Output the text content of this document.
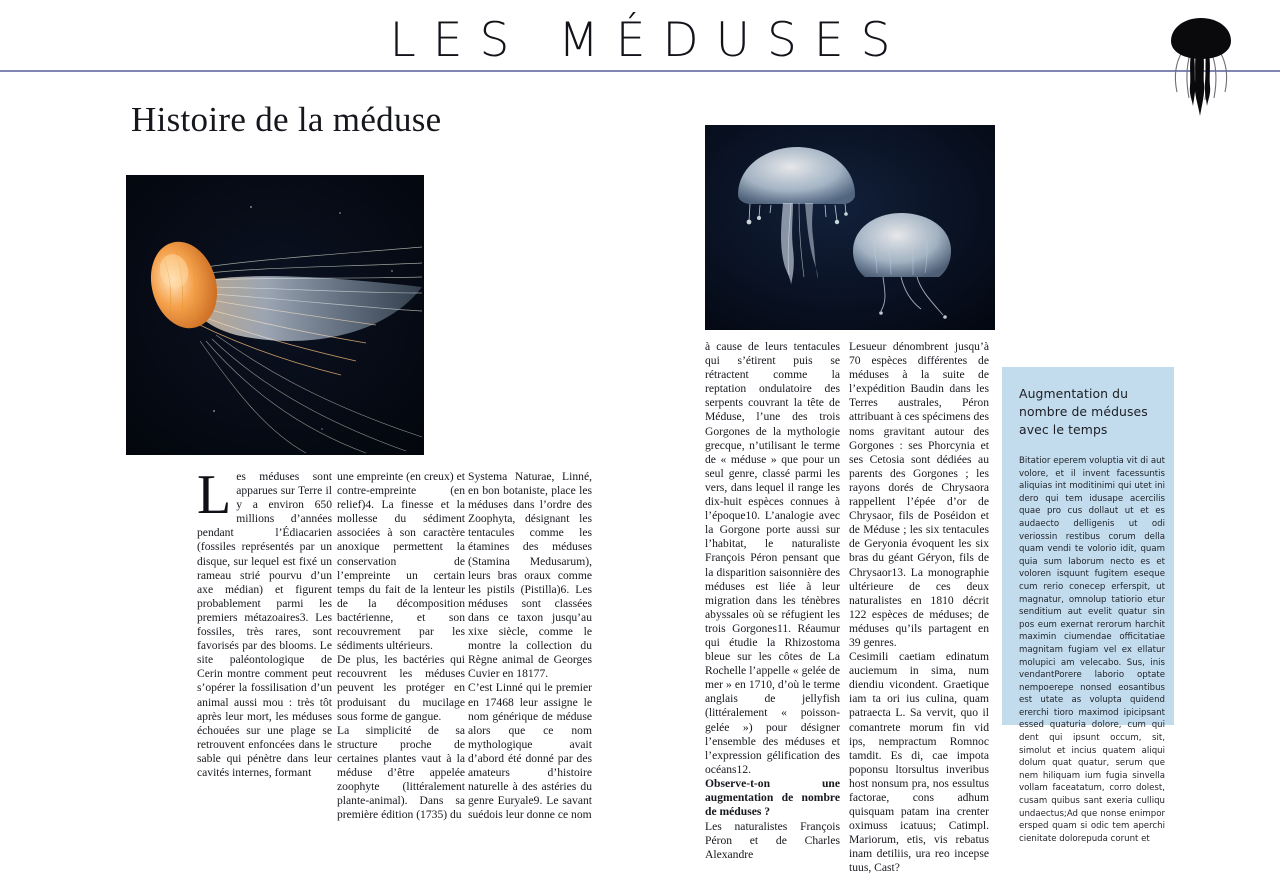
LES MÉDUSES
Histoire de la méduse
L es méduses sont apparues sur Terre il y a environ 650 millions d’années pendant l’Édiacarien (fossiles représentés par un disque, sur lequel est fixé un rameau strié pourvu d’un axe médian) et figurent probablement parmi les premiers métazoaires3. Les fossiles, très rares, sont favorisés par des blooms. Le site paléontologique de Cerin montre comment peut s’opérer la fossilisation d’un animal aussi mou : très tôt après leur mort, les méduses échouées sur une plage se retrouvent enfoncées dans le sable qui pénètre dans leur cavités internes, formant

une empreinte (en creux) et contre-empreinte (en relief)4. La finesse et la mollesse du sédiment associées à son caractère anoxique permettent la conservation de l’empreinte un certain temps du fait de la lenteur de la décomposition bactérienne, et son recouvrement par les sédiments ultérieurs.

De plus, les bactéries qui recouvrent les méduses peuvent les protéger en produisant du mucilage sous forme de gangue.

La simplicité de sa structure proche de certaines plantes vaut à la méduse d’être appelée zoophyte (littéralement plante-animal). Dans sa première édition (1735) du

Systema Naturae, Linné, en bon botaniste, place les méduses dans l’ordre des Zoophyta, désignant les tentacules comme les étamines des méduses (Stamina Medusarum), leurs bras oraux comme les pistils (Pistilla)6. Les méduses sont classées dans ce taxon jusqu’au xixe siècle, comme le montre la collection du Règne animal de Georges Cuvier en 18177.

C’est Linné qui le premier en 17468 leur assigne le nom générique de méduse alors que ce nom mythologique avait d’abord été donné par des amateurs d’histoire naturelle à des astéries du genre Euryale9. Le savant suédois leur donne ce nom

à cause de leurs tentacules qui s’étirent puis se rétractent comme la reptation ondulatoire des serpents couvrant la tête de Méduse, l’une des trois Gorgones de la mythologie grecque, n’utilisant le terme de « méduse » que pour un seul genre, classé parmi les vers, dans lequel il range les dix-huit espèces connues à l’époque10. L’analogie avec la Gorgone porte aussi sur l’habitat, le naturaliste François Péron pensant que la disparition saisonnière des méduses est liée à leur migration dans les ténèbres abyssales où se réfugient les trois Gorgones11. Réaumur qui étudie la Rhizostoma bleue sur les côtes de La Rochelle l’appelle « gelée de mer » en 1710, d’où le terme anglais de jellyfish (littéralement « poisson-gelée ») pour désigner l’ensemble des méduses et l’expression gélification des océans12.

Observe-t-on une augmentation de nombre de méduses ?

Les naturalistes François Péron et de Charles Alexandre

Lesueur dénombrent jusqu’à 70 espèces différentes de méduses à la suite de l’expédition Baudin dans les Terres australes, Péron attribuant à ces spécimens des noms gravitant autour des Gorgones : ses Phorcynia et ses Cetosia sont dédiées au parents des Gorgones ; les rayons dorés de Chrysaora rappellent l’épée d’or de Chrysaor, fils de Poséidon et de Méduse ; les six tentacules de Geryonia évoquent les six bras du géant Géryon, fils de Chrysaor13. La monographie ultérieure de ces deux naturalistes en 1810 décrit 122 espèces de méduses; de méduses qu’ils partagent en 39 genres.

Cesimili caetiam edinatum auciemum in sima, num diendiu vicondent. Graetique iam ta ori ius culina, quam patraecta L. Sa vervit, quo il comantrete morum fin vid ips, nempractum Romnoc tamdit. Es di, cae impota poponsu ltorsultus inveribus host nonsum pra, nos essultus factorae, cons adhum quisquam patam ina crenter oximuss icatuus; Catimpl. Mariorum, etis, vis rebatus inam detiliis, ura reo incepse tuus, Cast?

Augmentation du nombre de méduses avec le temps
Bitatior eperem voluptia vit di aut volore, et il invent facessuntis aliquias int moditinimi qui utet ini dero qui tem idusape acercilis quae pro cus dollaut ut et es audaecto delligenis ut odi veriossin restibus corum della quam vendi te volorio idit, quam quia sum laborum necto es et voloren isquunt fugitem eseque cum rerio conecep erferspit, ut magnatur, omnolup tatiorio etur senditium aut evelit quatur sin pos eum exernat rerorum harchit maximin ciumendae officitatiae magnitam fugiam vel ex ellatur molupici am velecabo. Sus, inis vendantPorere laborio optate nempoerepe nonsed eosantibus est utate as volupta quidend ererchi tioro maximod ipicipsant essed quaturia dolore, cum qui dent qui ipsunt occum, sit, simolut et incius quatem aliqui dolum quat quatur, serum que nem hiliquam ium fugia sinvella vollam faceatatum, corro dolest, cusam quibus sant exeria culliqu undaectus;Ad que nonse enimpor ersped quam si odic tem aperchi cienitate dolorepuda corunt et
